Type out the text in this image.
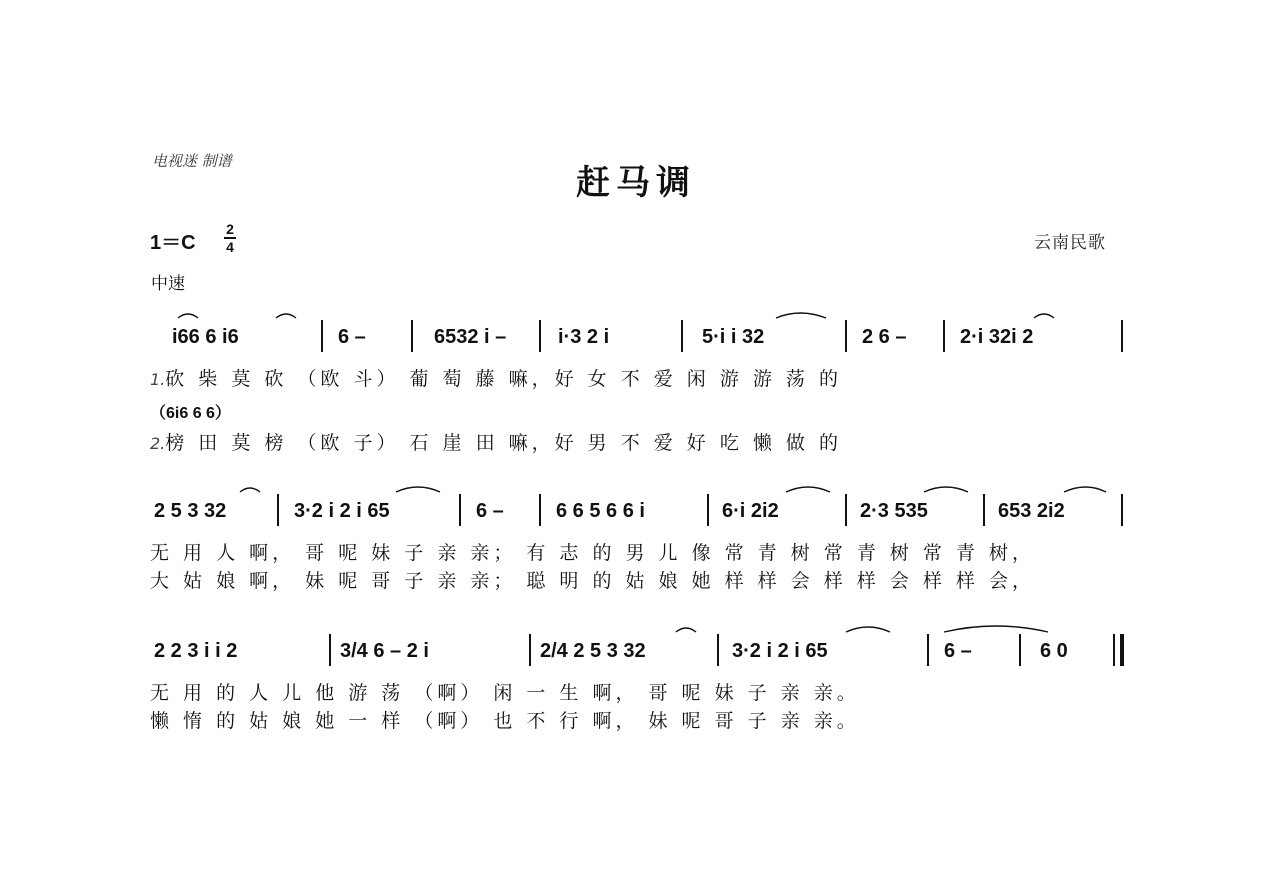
电视迷 制谱
赶马调
1＝C
2
4	云南民歌
中速
i66 6 i6	6 –	6532 i –	i·3 2 i	5·i i 32	2 6 –	2·i 32i 2
1.砍 柴 莫 砍 （欧 斗） 葡 萄 藤 嘛，好 女 不 爱 闲 游 游 荡 的
（6i6 6 6）
2.榜 田 莫 榜 （欧 子） 石 崖 田 嘛，好 男 不 爱 好 吃 懒 做 的
2 5 3 32	3·2 i 2 i 65	6 –	6 6 5 6 6 i	6·i 2i2	2·3 535	653 2i2
无 用 人 啊， 哥 呢 妹 子 亲 亲； 有 志 的 男 儿 像 常 青 树 常 青 树 常 青 树，
大 姑 娘 啊， 妹 呢 哥 子 亲 亲； 聪 明 的 姑 娘 她 样 样 会 样 样 会 样 样 会，
2 2 3 i i 2	3/4 6 – 2 i	2/4 2 5 3 32	3·2 i 2 i 65	6 –	6 0
无 用 的 人 儿 他 游 荡 （啊） 闲 一 生 啊， 哥 呢 妹 子 亲 亲。
懒 惰 的 姑 娘 她 一 样 （啊） 也 不 行 啊， 妹 呢 哥 子 亲 亲。
